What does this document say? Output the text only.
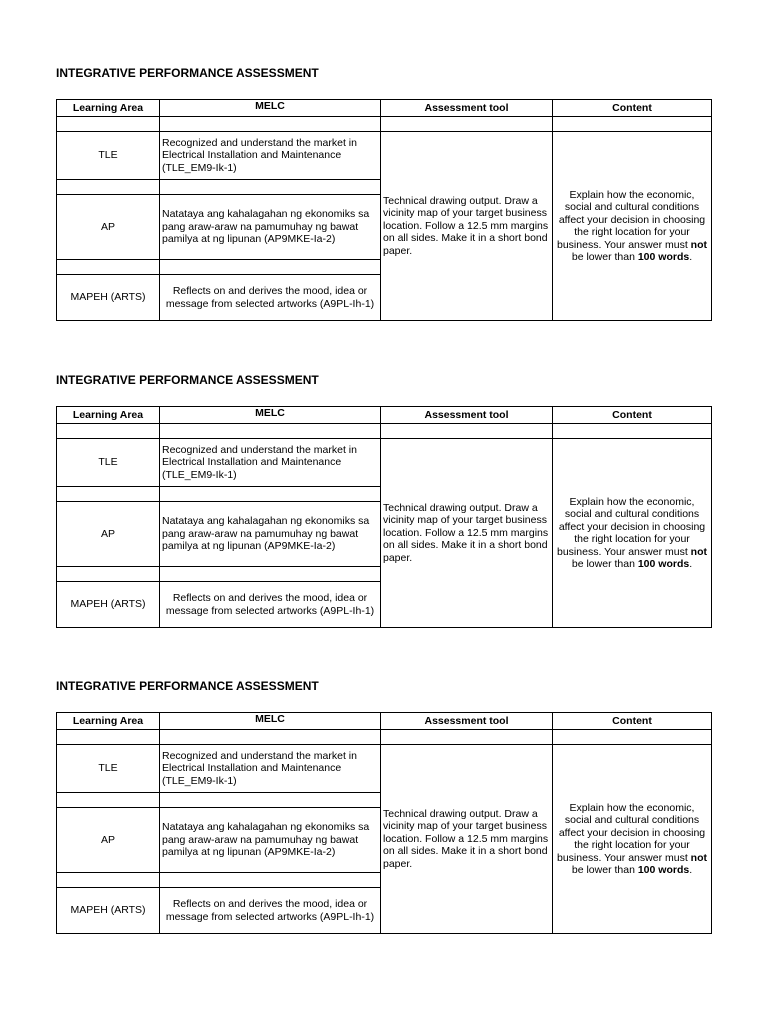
INTEGRATIVE PERFORMANCE ASSESSMENT
Learning Area	MELC	Assessment tool	Content

TLE	Recognized and understand the market in Electrical Installation and Maintenance (TLE_EM9-Ik-1)	Technical drawing output. Draw a vicinity map of your target business location. Follow a 12.5 mm margins on all sides. Make it in a short bond paper.	Explain how the economic, social and cultural conditions affect your decision in choosing the right location for your business. Your answer must not be lower than 100 words.

AP	Natataya ang kahalagahan ng ekonomiks sa pang araw-araw na pamumuhay ng bawat pamilya at ng lipunan (AP9MKE-Ia-2)		

MAPEH (ARTS)	Reflects on and derives the mood, idea or message from selected artworks (A9PL-Ih-1)		
INTEGRATIVE PERFORMANCE ASSESSMENT
Learning Area	MELC	Assessment tool	Content

TLE	Recognized and understand the market in Electrical Installation and Maintenance (TLE_EM9-Ik-1)	Technical drawing output. Draw a vicinity map of your target business location. Follow a 12.5 mm margins on all sides. Make it in a short bond paper.	Explain how the economic, social and cultural conditions affect your decision in choosing the right location for your business. Your answer must not be lower than 100 words.

AP	Natataya ang kahalagahan ng ekonomiks sa pang araw-araw na pamumuhay ng bawat pamilya at ng lipunan (AP9MKE-Ia-2)		

MAPEH (ARTS)	Reflects on and derives the mood, idea or message from selected artworks (A9PL-Ih-1)		
INTEGRATIVE PERFORMANCE ASSESSMENT
Learning Area	MELC	Assessment tool	Content

TLE	Recognized and understand the market in Electrical Installation and Maintenance (TLE_EM9-Ik-1)	Technical drawing output. Draw a vicinity map of your target business location. Follow a 12.5 mm margins on all sides. Make it in a short bond paper.	Explain how the economic, social and cultural conditions affect your decision in choosing the right location for your business. Your answer must not be lower than 100 words.

AP	Natataya ang kahalagahan ng ekonomiks sa pang araw-araw na pamumuhay ng bawat pamilya at ng lipunan (AP9MKE-Ia-2)		

MAPEH (ARTS)	Reflects on and derives the mood, idea or message from selected artworks (A9PL-Ih-1)		
